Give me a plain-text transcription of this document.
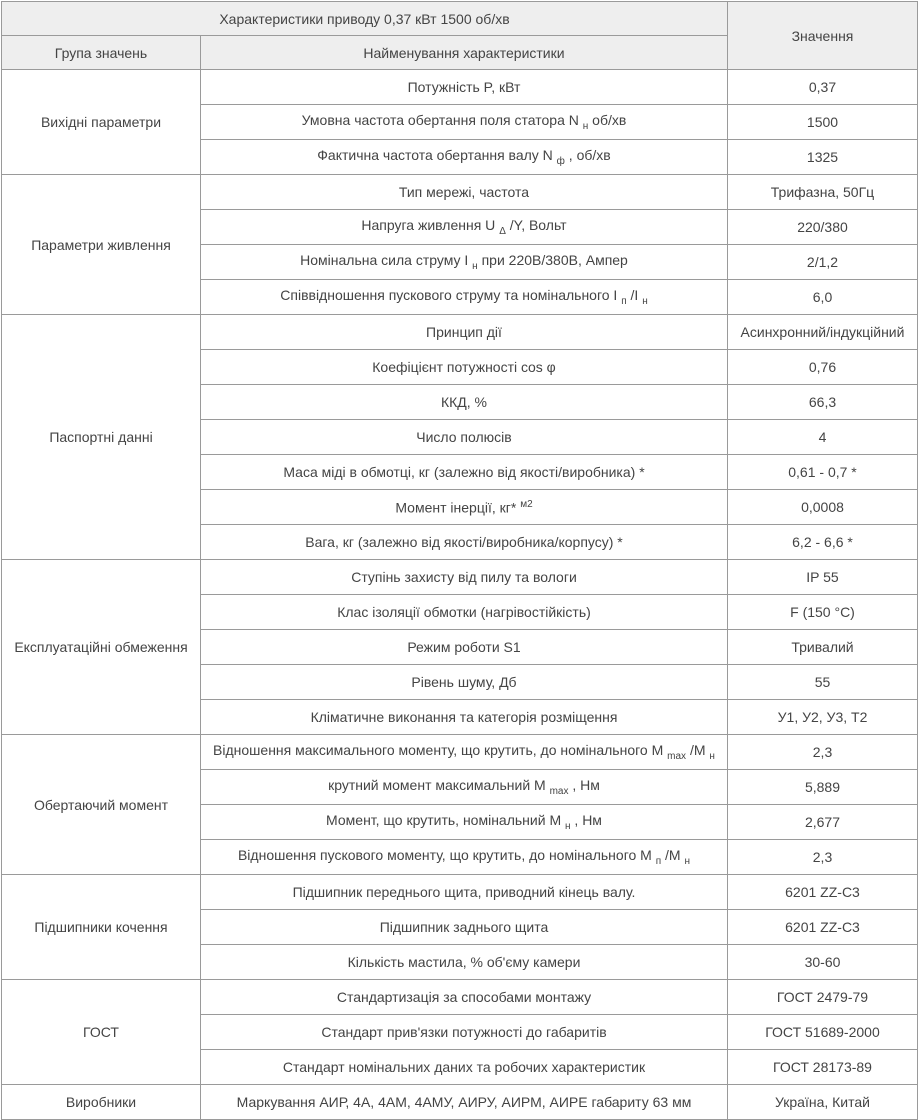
Характеристики приводу 0,37 кВт 1500 об/хв		Значення
Група значень	Найменування характеристики	
Вихідні параметри	Потужність P, кВт	0,37
	Умовна частота обертання поля статора N $_н$ об/хв	1500
	Фактична частота обертання валу N $_ф$ , об/хв	1325
Параметри живлення	Тип мережі, частота	Трифазна, 50Гц
	Напруга живлення U $_\Delta$ /Y, Вольт	220/380
	Номінальна сила струму I $_н$ при 220В/380В, Ампер	2/1,2
	Співвідношення пускового струму та номінального I $_п$ /I $_н$	6,0
Паспортні данні	Принцип дії	Асинхронний/індукційний
	Коефіцієнт потужності cos φ	0,76
	ККД, %	66,3
	Число полюсів	4
	Маса міді в обмотці, кг (залежно від якості/виробника) *	0,61 - 0,7 *
	Момент інерції, кг* $^{м2}$	0,0008
	Вага, кг (залежно від якості/виробника/корпусу) *	6,2 - 6,6 *
Експлуатаційні обмеження	Ступінь захисту від пилу та вологи	IP 55
	Клас ізоляції обмотки (нагрівостійкість)	F (150 °C)
	Режим роботи S1	Тривалий
	Рівень шуму, Дб	55
	Кліматичне виконання та категорія розміщення	У1, У2, У3, Т2
Обертаючий момент	Відношення максимального моменту, що крутить, до номінального M $_{max}$ /M $_н$	2,3
	крутний момент максимальний M $_{max}$ , Нм	5,889
	Момент, що крутить, номінальний M $_н$ , Нм	2,677
	Відношення пускового моменту, що крутить, до номінального M $_п$ /M $_н$	2,3
Підшипники кочення	Підшипник переднього щита, приводний кінець валу.	6201 ZZ-C3
	Підшипник заднього щита	6201 ZZ-C3
	Кількість мастила, % об'єму камери	30-60
ГОСТ	Стандартизація за способами монтажу	ГОСТ 2479-79
	Стандарт прив'язки потужності до габаритів	ГОСТ 51689-2000
	Стандарт номінальних даних та робочих характеристик	ГОСТ 28173-89
Виробники	Маркування АИР, 4А, 4АМ, 4АМУ, АИРУ, АИРМ, АИРЕ габариту 63 мм	Україна, Китай
